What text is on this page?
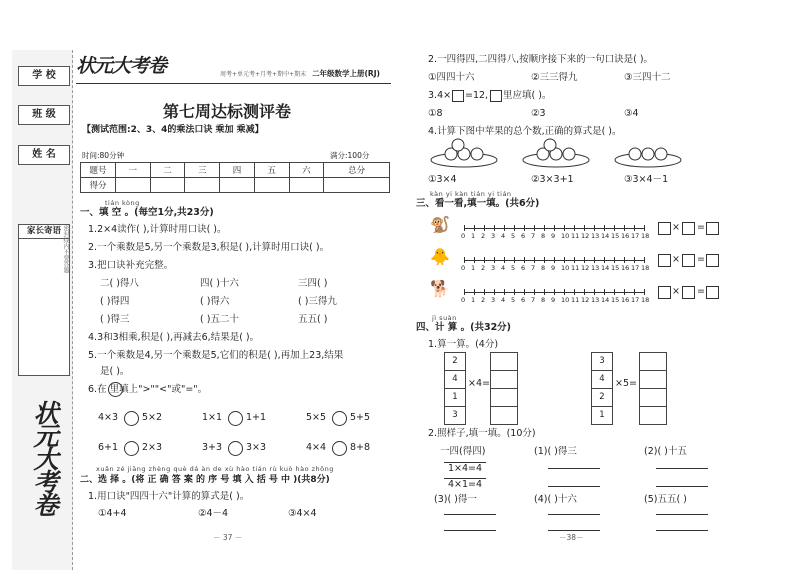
学 校
班 级
姓 名
家长寄语 密封线内不要答题
状元大考卷
状元大考卷	周考+单元考+月考+期中+期末 二年级数学上册(RJ)
第七周达标测评卷
【测试范围:2、3、4的乘法口诀 乘加 乘减】
时间:80分钟	满分:100分
题号	一	二	三	四	五	六	总分
得分							
tián kòng
一、填 空 。(每空1分,共23分)
1.2×4读作( ),计算时用口诀( )。
2.一个乘数是5,另一个乘数是3,积是( ),计算时用口诀( )。
3.把口诀补充完整。
二( )得八	四( )十六	三四( )
( )得四	( )得六	( )三得九
( )得三	( )五二十	五五( )
4.3和3相乘,积是( ),再减去6,结果是( )。
5.一个乘数是4,另一个乘数是5,它们的积是( ),再加上23,结果
是( )。
6.在 里填上">""<"或"="。
4×3	5×2	1×1	1+1	5×5	5+5
6+1	2×3	3+3	3×3	4×4	8+8
xuǎn zé jiāng zhèng què dá àn de xù hào tián rù kuò hào zhōng
二、选 择 。(将 正 确 答 案 的 序 号 填 入 括 号 中 )(共8分)
1.用口诀"四四十六"计算的算式是( )。
①4+4	②4－4	③4×4
－ 37 －
2.一四得四,二四得八,按顺序接下来的一句口诀是( )。
①四四十六	②三三得九	③三四十二
3.4× =12, 里应填( )。
①8	②3	③4
4.计算下图中苹果的总个数,正确的算式是( )。
①3×4	②3×3+1	③3×4－1
kàn yi kàn tián yi tián
三、看一看,填一填。(共6分)
🐒
0 1 2 3 4 5 6 7 8 9 10 11 12 13 14 15 16 17 18
× =
🐥
0 1 2 3 4 5 6 7 8 9 10 11 12 13 14 15 16 17 18
× =
🐕
0 1 2 3 4 5 6 7 8 9 10 11 12 13 14 15 16 17 18
× =
jì suàn
四、计 算 。(共32分)
1.算一算。(4分)
2
4
1
3
×4=
3
4
2
1
×5=
2.照样子,填一填。(10分)
一四(得四)	(1)( )得三	(2)( )十五
1×4=4
4×1=4
(3)( )得一	(4)( )十六	(5)五五( )
－38－
